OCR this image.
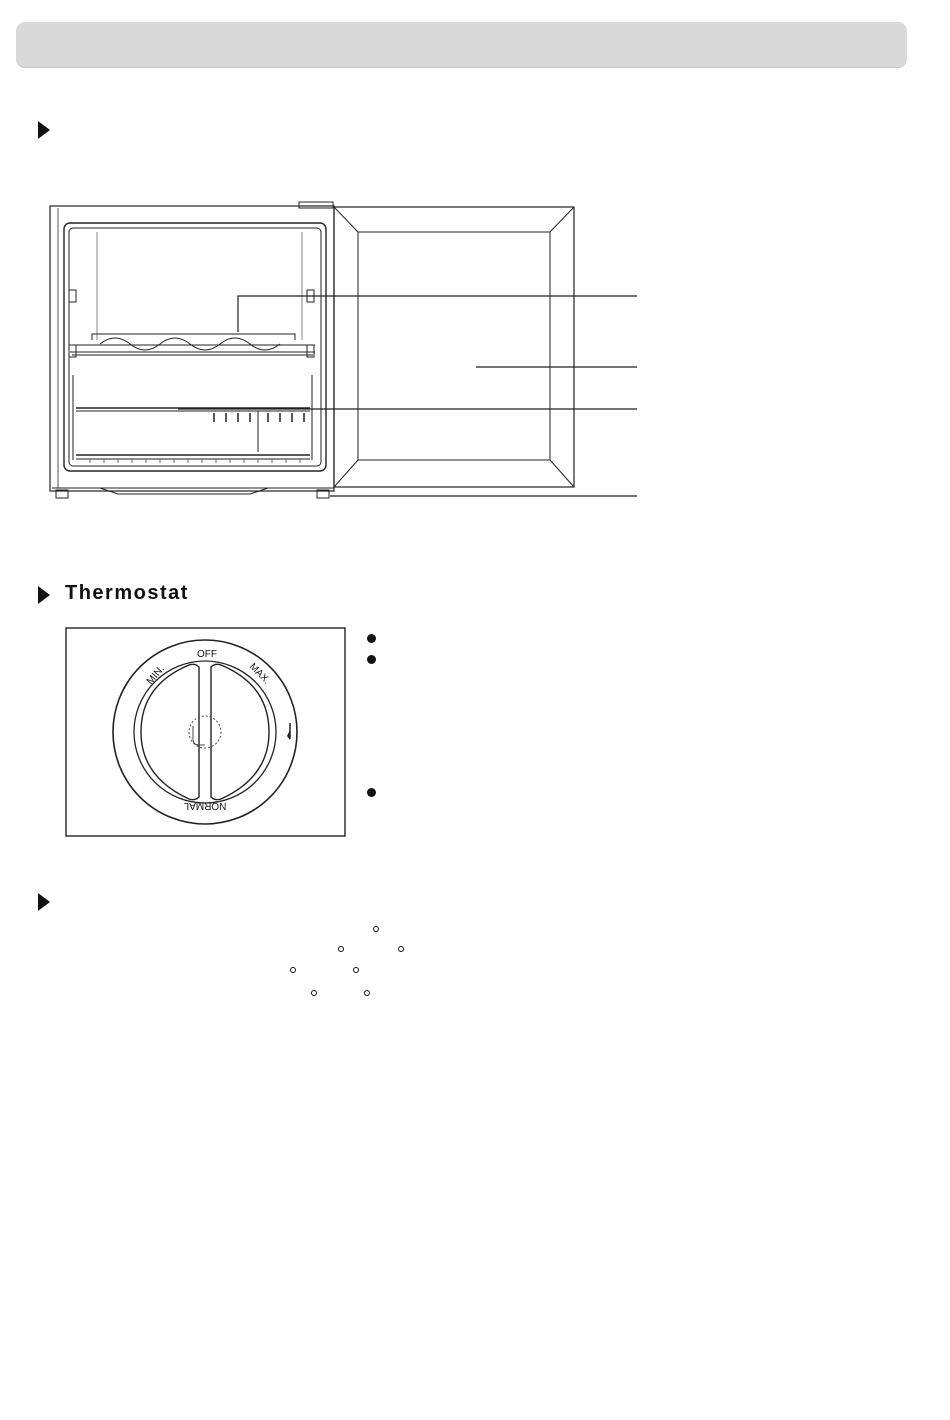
Thermostat
OFF
MIN.	MAX.
NORMAL
